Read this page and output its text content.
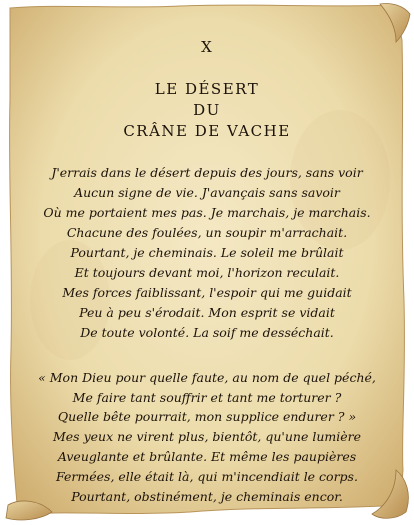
X
LE DÉSERT
DU
CRÂNE DE VACHE
J'errais dans le désert depuis des jours, sans voir
Aucun signe de vie. J'avançais sans savoir
Où me portaient mes pas. Je marchais, je marchais.
Chacune des foulées, un soupir m'arrachait.
Pourtant, je cheminais. Le soleil me brûlait
Et toujours devant moi, l'horizon reculait.
Mes forces faiblissant, l'espoir qui me guidait
Peu à peu s'érodait. Mon esprit se vidait
De toute volonté. La soif me desséchait.
« Mon Dieu pour quelle faute, au nom de quel péché,
Me faire tant souffrir et tant me torturer ?
Quelle bête pourrait, mon supplice endurer ? »
Mes yeux ne virent plus, bientôt, qu'une lumière
Aveuglante et brûlante. Et même les paupières
Fermées, elle était là, qui m'incendiait le corps.
Pourtant, obstinément, je cheminais encor.
